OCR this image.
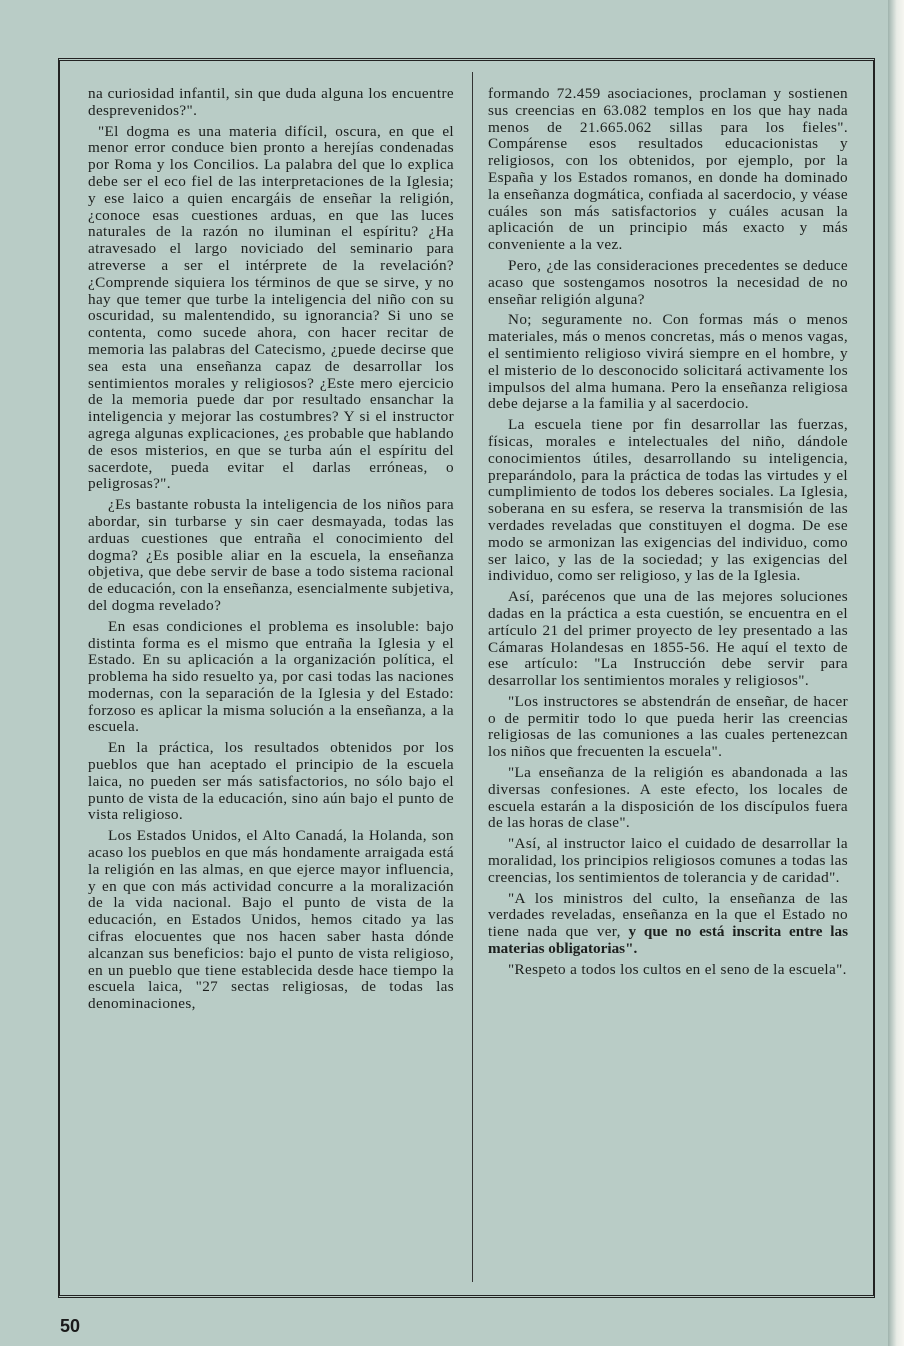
na curiosidad infantil, sin que duda alguna los encuentre desprevenidos?".

"El dogma es una materia difícil, oscura, en que el menor error conduce bien pronto a herejías condenadas por Roma y los Concilios. La palabra del que lo explica debe ser el eco fiel de las interpretaciones de la Iglesia; y ese laico a quien encargáis de enseñar la religión, ¿conoce esas cuestiones arduas, en que las luces naturales de la razón no iluminan el espíritu? ¿Ha atravesado el largo noviciado del seminario para atreverse a ser el intérprete de la revelación? ¿Comprende siquiera los términos de que se sirve, y no hay que temer que turbe la inteligencia del niño con su oscuridad, su malentendido, su ignorancia? Si uno se contenta, como sucede ahora, con hacer recitar de memoria las palabras del Catecismo, ¿puede decirse que sea esta una enseñanza capaz de desarrollar los sentimientos morales y religiosos? ¿Este mero ejercicio de la memoria puede dar por resultado ensanchar la inteligencia y mejorar las costumbres? Y si el instructor agrega algunas explicaciones, ¿es probable que hablando de esos misterios, en que se turba aún el espíritu del sacerdote, pueda evitar el darlas erróneas, o peligrosas?".

¿Es bastante robusta la inteligencia de los niños para abordar, sin turbarse y sin caer desmayada, todas las arduas cuestiones que entraña el conocimiento del dogma? ¿Es posible aliar en la escuela, la enseñanza objetiva, que debe servir de base a todo sistema racional de educación, con la enseñanza, esencialmente subjetiva, del dogma revelado?

En esas condiciones el problema es insoluble: bajo distinta forma es el mismo que entraña la Iglesia y el Estado. En su aplicación a la organización política, el problema ha sido resuelto ya, por casi todas las naciones modernas, con la separación de la Iglesia y del Estado: forzoso es aplicar la misma solución a la enseñanza, a la escuela.

En la práctica, los resultados obtenidos por los pueblos que han aceptado el principio de la escuela laica, no pueden ser más satisfactorios, no sólo bajo el punto de vista de la educación, sino aún bajo el punto de vista religioso.

Los Estados Unidos, el Alto Canadá, la Holanda, son acaso los pueblos en que más hondamente arraigada está la religión en las almas, en que ejerce mayor influencia, y en que con más actividad concurre a la moralización de la vida nacional. Bajo el punto de vista de la educación, en Estados Unidos, hemos citado ya las cifras elocuentes que nos hacen saber hasta dónde alcanzan sus beneficios: bajo el punto de vista religioso, en un pueblo que tiene establecida desde hace tiempo la escuela laica, "27 sectas religiosas, de todas las denominaciones,

formando 72.459 asociaciones, proclaman y sostienen sus creencias en 63.082 templos en los que hay nada menos de 21.665.062 sillas para los fieles". Compárense esos resultados educacionistas y religiosos, con los obtenidos, por ejemplo, por la España y los Estados romanos, en donde ha dominado la enseñanza dogmática, confiada al sacerdocio, y véase cuáles son más satisfactorios y cuáles acusan la aplicación de un principio más exacto y más conveniente a la vez.

Pero, ¿de las consideraciones precedentes se deduce acaso que sostengamos nosotros la necesidad de no enseñar religión alguna?

No; seguramente no. Con formas más o menos materiales, más o menos concretas, más o menos vagas, el sentimiento religioso vivirá siempre en el hombre, y el misterio de lo desconocido solicitará activamente los impulsos del alma humana. Pero la enseñanza religiosa debe dejarse a la familia y al sacerdocio.

La escuela tiene por fin desarrollar las fuerzas, físicas, morales e intelectuales del niño, dándole conocimientos útiles, desarrollando su inteligencia, preparándolo, para la práctica de todas las virtudes y el cumplimiento de todos los deberes sociales. La Iglesia, soberana en su esfera, se reserva la transmisión de las verdades reveladas que constituyen el dogma. De ese modo se armonizan las exigencias del individuo, como ser laico, y las de la sociedad; y las exigencias del individuo, como ser religioso, y las de la Iglesia.

Así, parécenos que una de las mejores soluciones dadas en la práctica a esta cuestión, se encuentra en el artículo 21 del primer proyecto de ley presentado a las Cámaras Holandesas en 1855-56. He aquí el texto de ese artículo: "La Instrucción debe servir para desarrollar los sentimientos morales y religiosos".

"Los instructores se abstendrán de enseñar, de hacer o de permitir todo lo que pueda herir las creencias religiosas de las comuniones a las cuales pertenezcan los niños que frecuenten la escuela".

"La enseñanza de la religión es abandonada a las diversas confesiones. A este efecto, los locales de escuela estarán a la disposición de los discípulos fuera de las horas de clase".

"Así, al instructor laico el cuidado de desarrollar la moralidad, los principios religiosos comunes a todas las creencias, los sentimientos de tolerancia y de caridad".

"A los ministros del culto, la enseñanza de las verdades reveladas, enseñanza en la que el Estado no tiene nada que ver, y que no está inscrita entre las materias obligatorias".

"Respeto a todos los cultos en el seno de la escuela".

50
